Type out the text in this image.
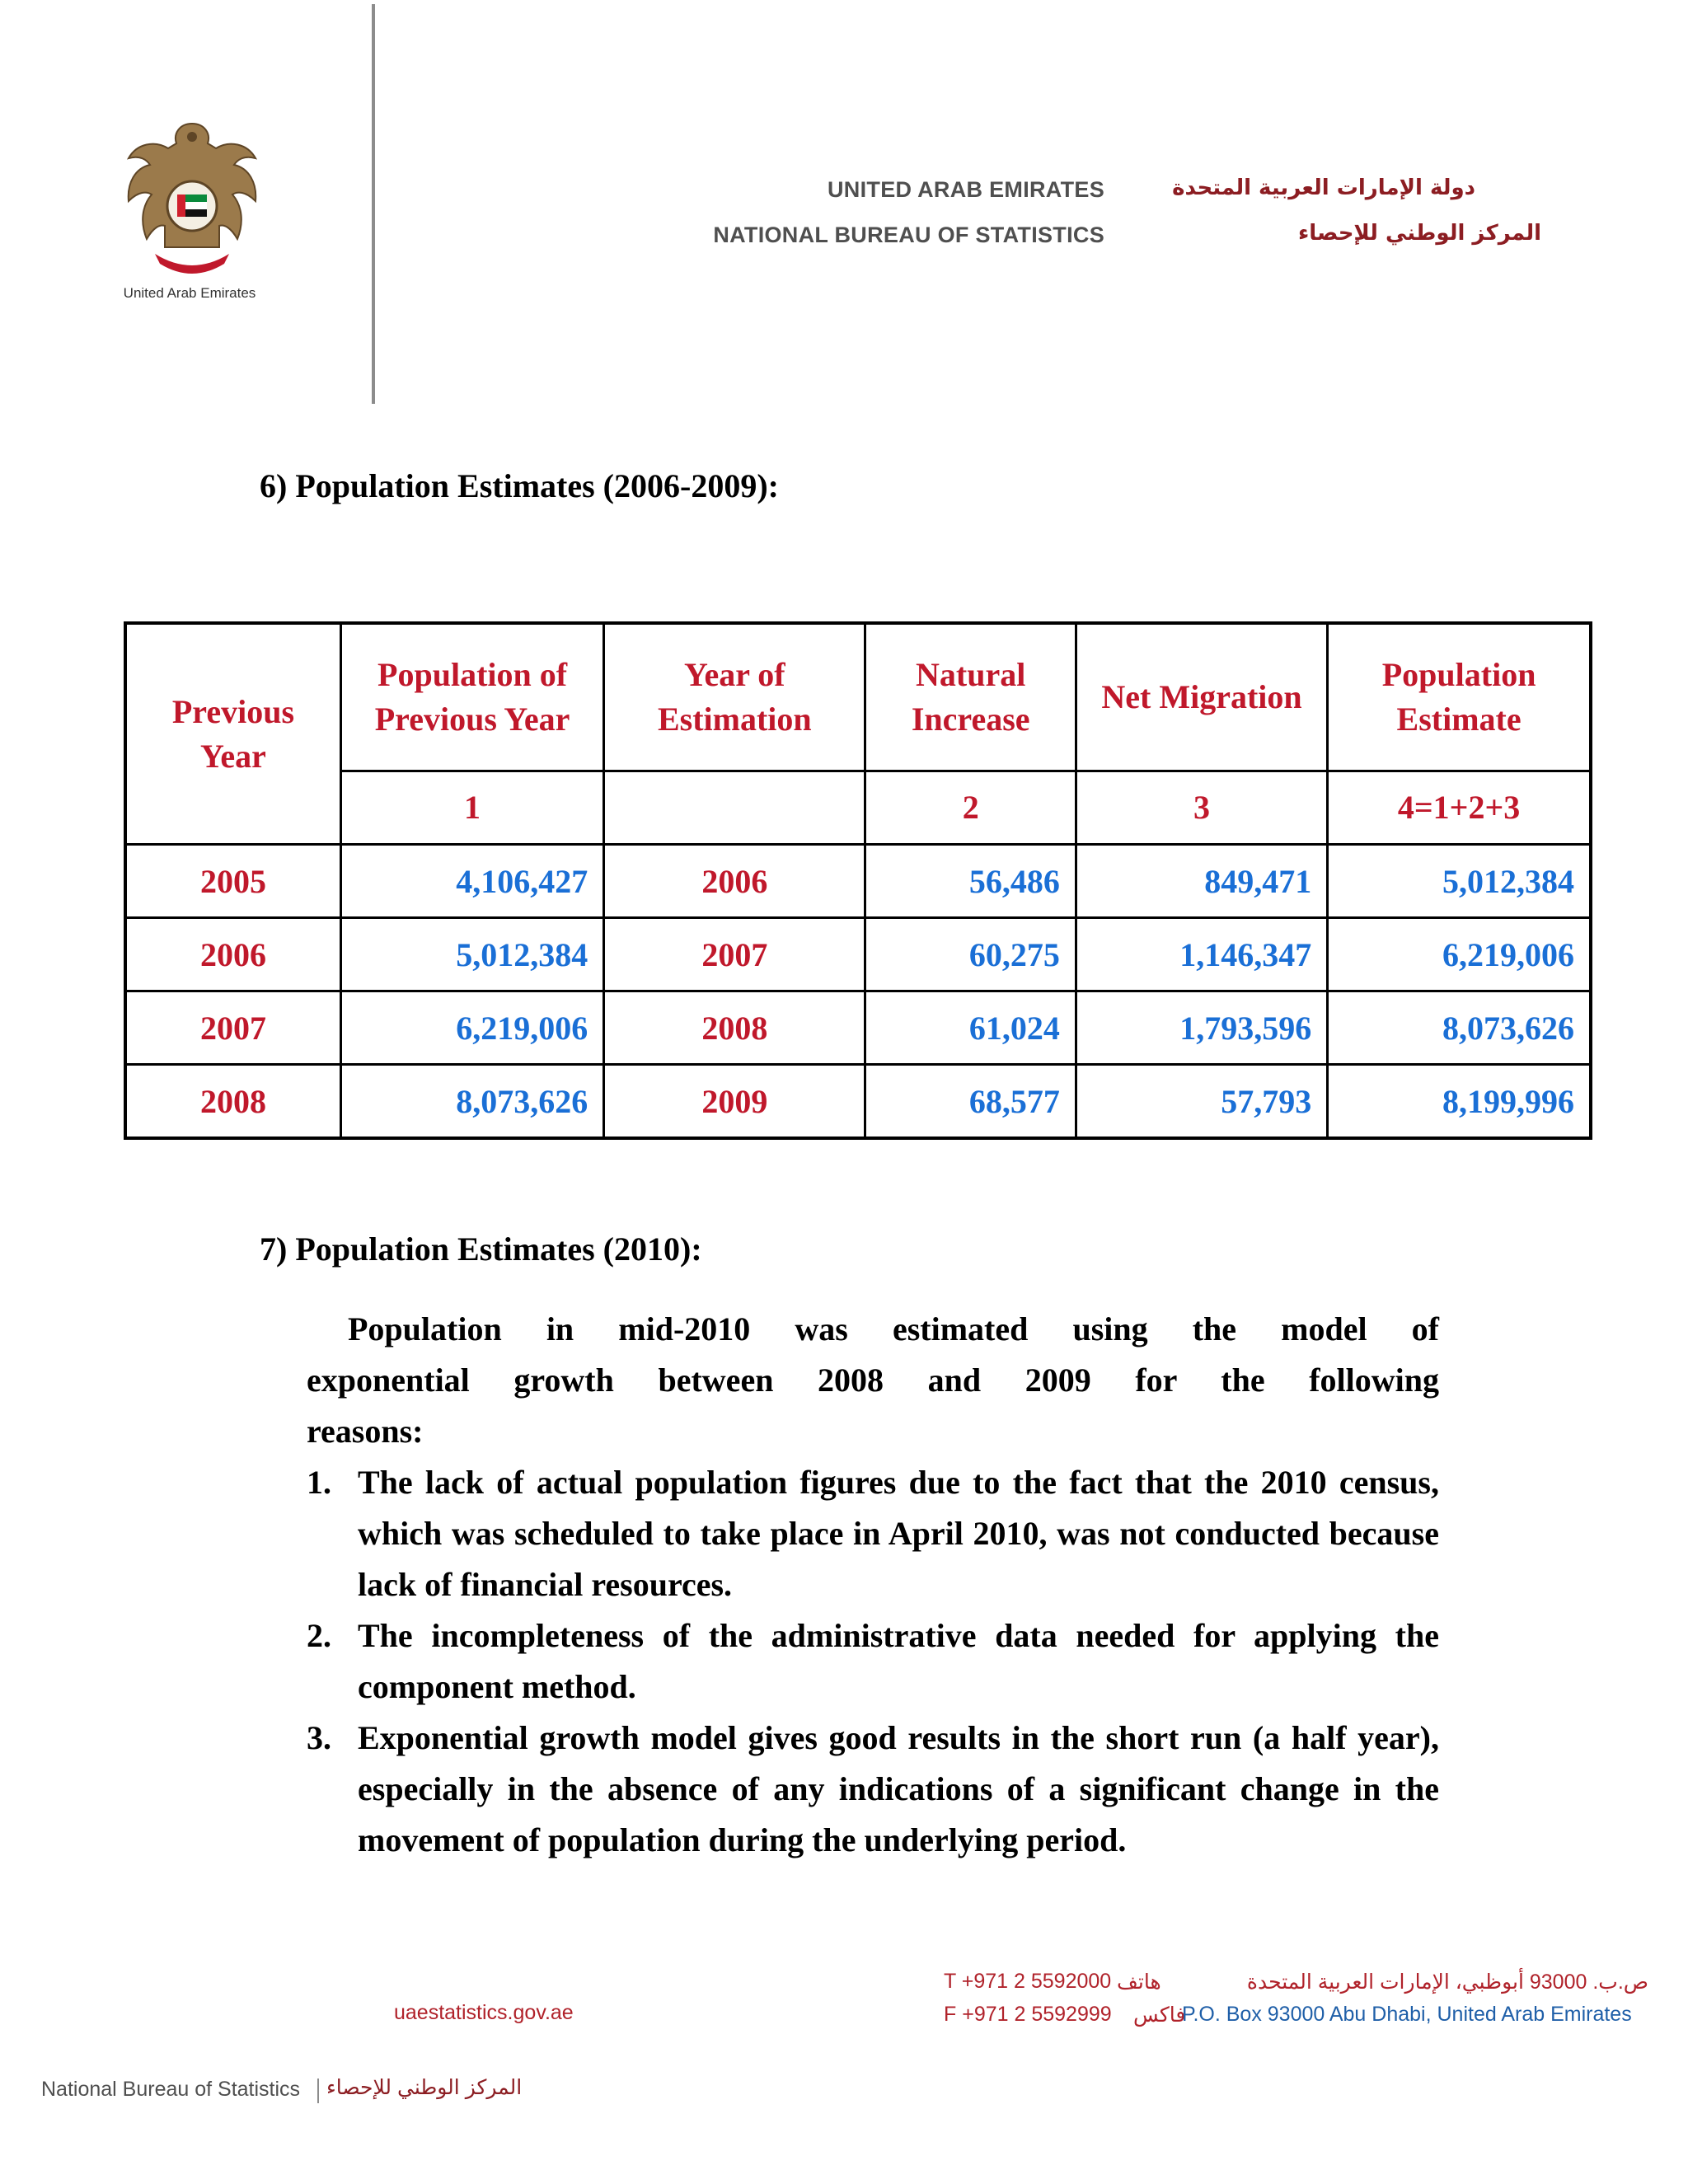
United Arab Emirates
UNITED ARAB EMIRATES
NATIONAL BUREAU OF STATISTICS
دولة الإمارات العربية المتحدة
المركز الوطني للإحصاء
6) Population Estimates (2006-2009):
Previous Year	Population of Previous Year	Year of Estimation	Natural Increase	Net Migration	Population Estimate
	1		2	3	4=1+2+3
2005	4,106,427	2006	56,486	849,471	5,012,384
2006	5,012,384	2007	60,275	1,146,347	6,219,006
2007	6,219,006	2008	61,024	1,793,596	8,073,626
2008	8,073,626	2009	68,577	57,793	8,199,996
7) Population Estimates (2010):

Population in mid-2010 was estimated using the model of

exponential growth between 2008 and 2009 for the following

reasons:

1. The lack of actual population figures due to the fact that the 2010 census, which was scheduled to take place in April 2010, was not conducted because lack of financial resources.
2. The incompleteness of the administrative data needed for applying the component method.
3. Exponential growth model gives good results in the short run (a half year), especially in the absence of any indications of a significant change in the movement of population during the underlying period.
uaestatistics.gov.ae
T +971 2 5592000 هاتف
F +971 2 5592999 فاكس
ص.ب. 93000 أبوظبي، الإمارات العربية المتحدة
P.O. Box 93000 Abu Dhabi, United Arab Emirates
National Bureau of Statistics المركز الوطني للإحصاء
